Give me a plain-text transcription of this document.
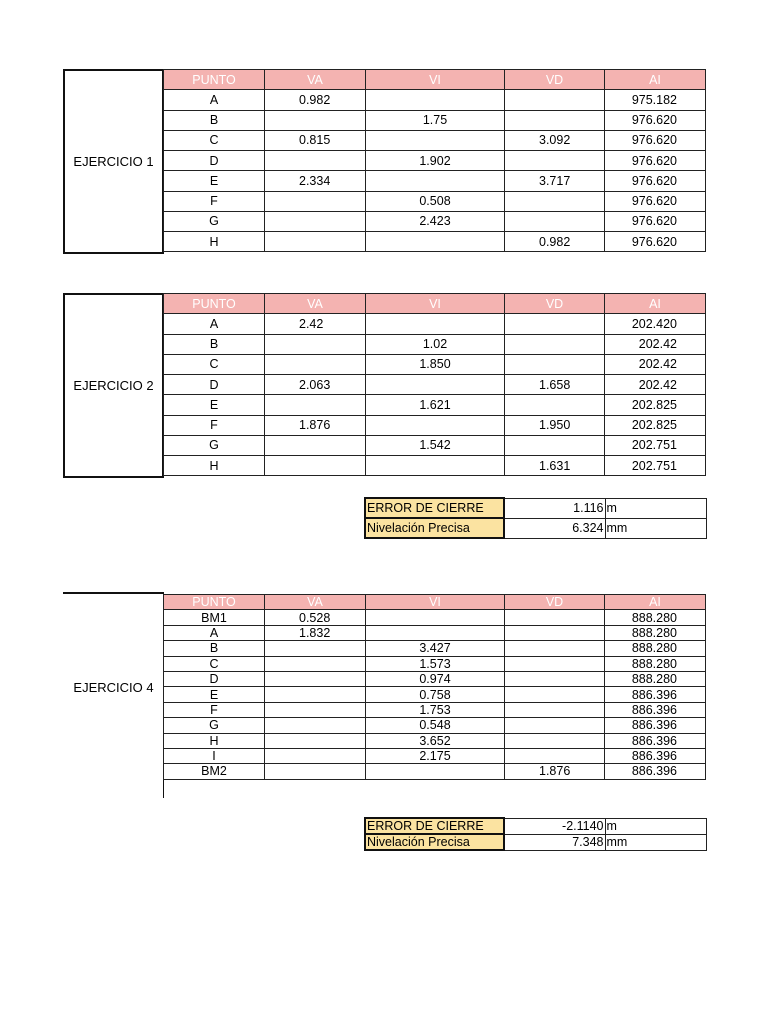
EJERCICIO 1
PUNTO	VA	VI	VD	AI
A	0.982			975.182
B		1.75		976.620
C	0.815		3.092	976.620
D		1.902		976.620
E	2.334		3.717	976.620
F		0.508		976.620
G		2.423		976.620
H			0.982	976.620
EJERCICIO 2
PUNTO	VA	VI	VD	AI
A	2.42			202.420
B		1.02		202.42
C		1.850		202.42
D	2.063		1.658	202.42
E		1.621		202.825
F	1.876		1.950	202.825
G		1.542		202.751
H			1.631	202.751
ERROR DE CIERRE	1.116	m
Nivelación Precisa	6.324	mm
EJERCICIO 4
PUNTO	VA	VI	VD	AI
BM1	0.528			888.280
A	1.832			888.280
B		3.427		888.280
C		1.573		888.280
D		0.974		888.280
E		0.758		886.396
F		1.753		886.396
G		0.548		886.396
H		3.652		886.396
I		2.175		886.396
BM2			1.876	886.396
ERROR DE CIERRE	-2.1140	m
Nivelación Precisa	7.348	mm
